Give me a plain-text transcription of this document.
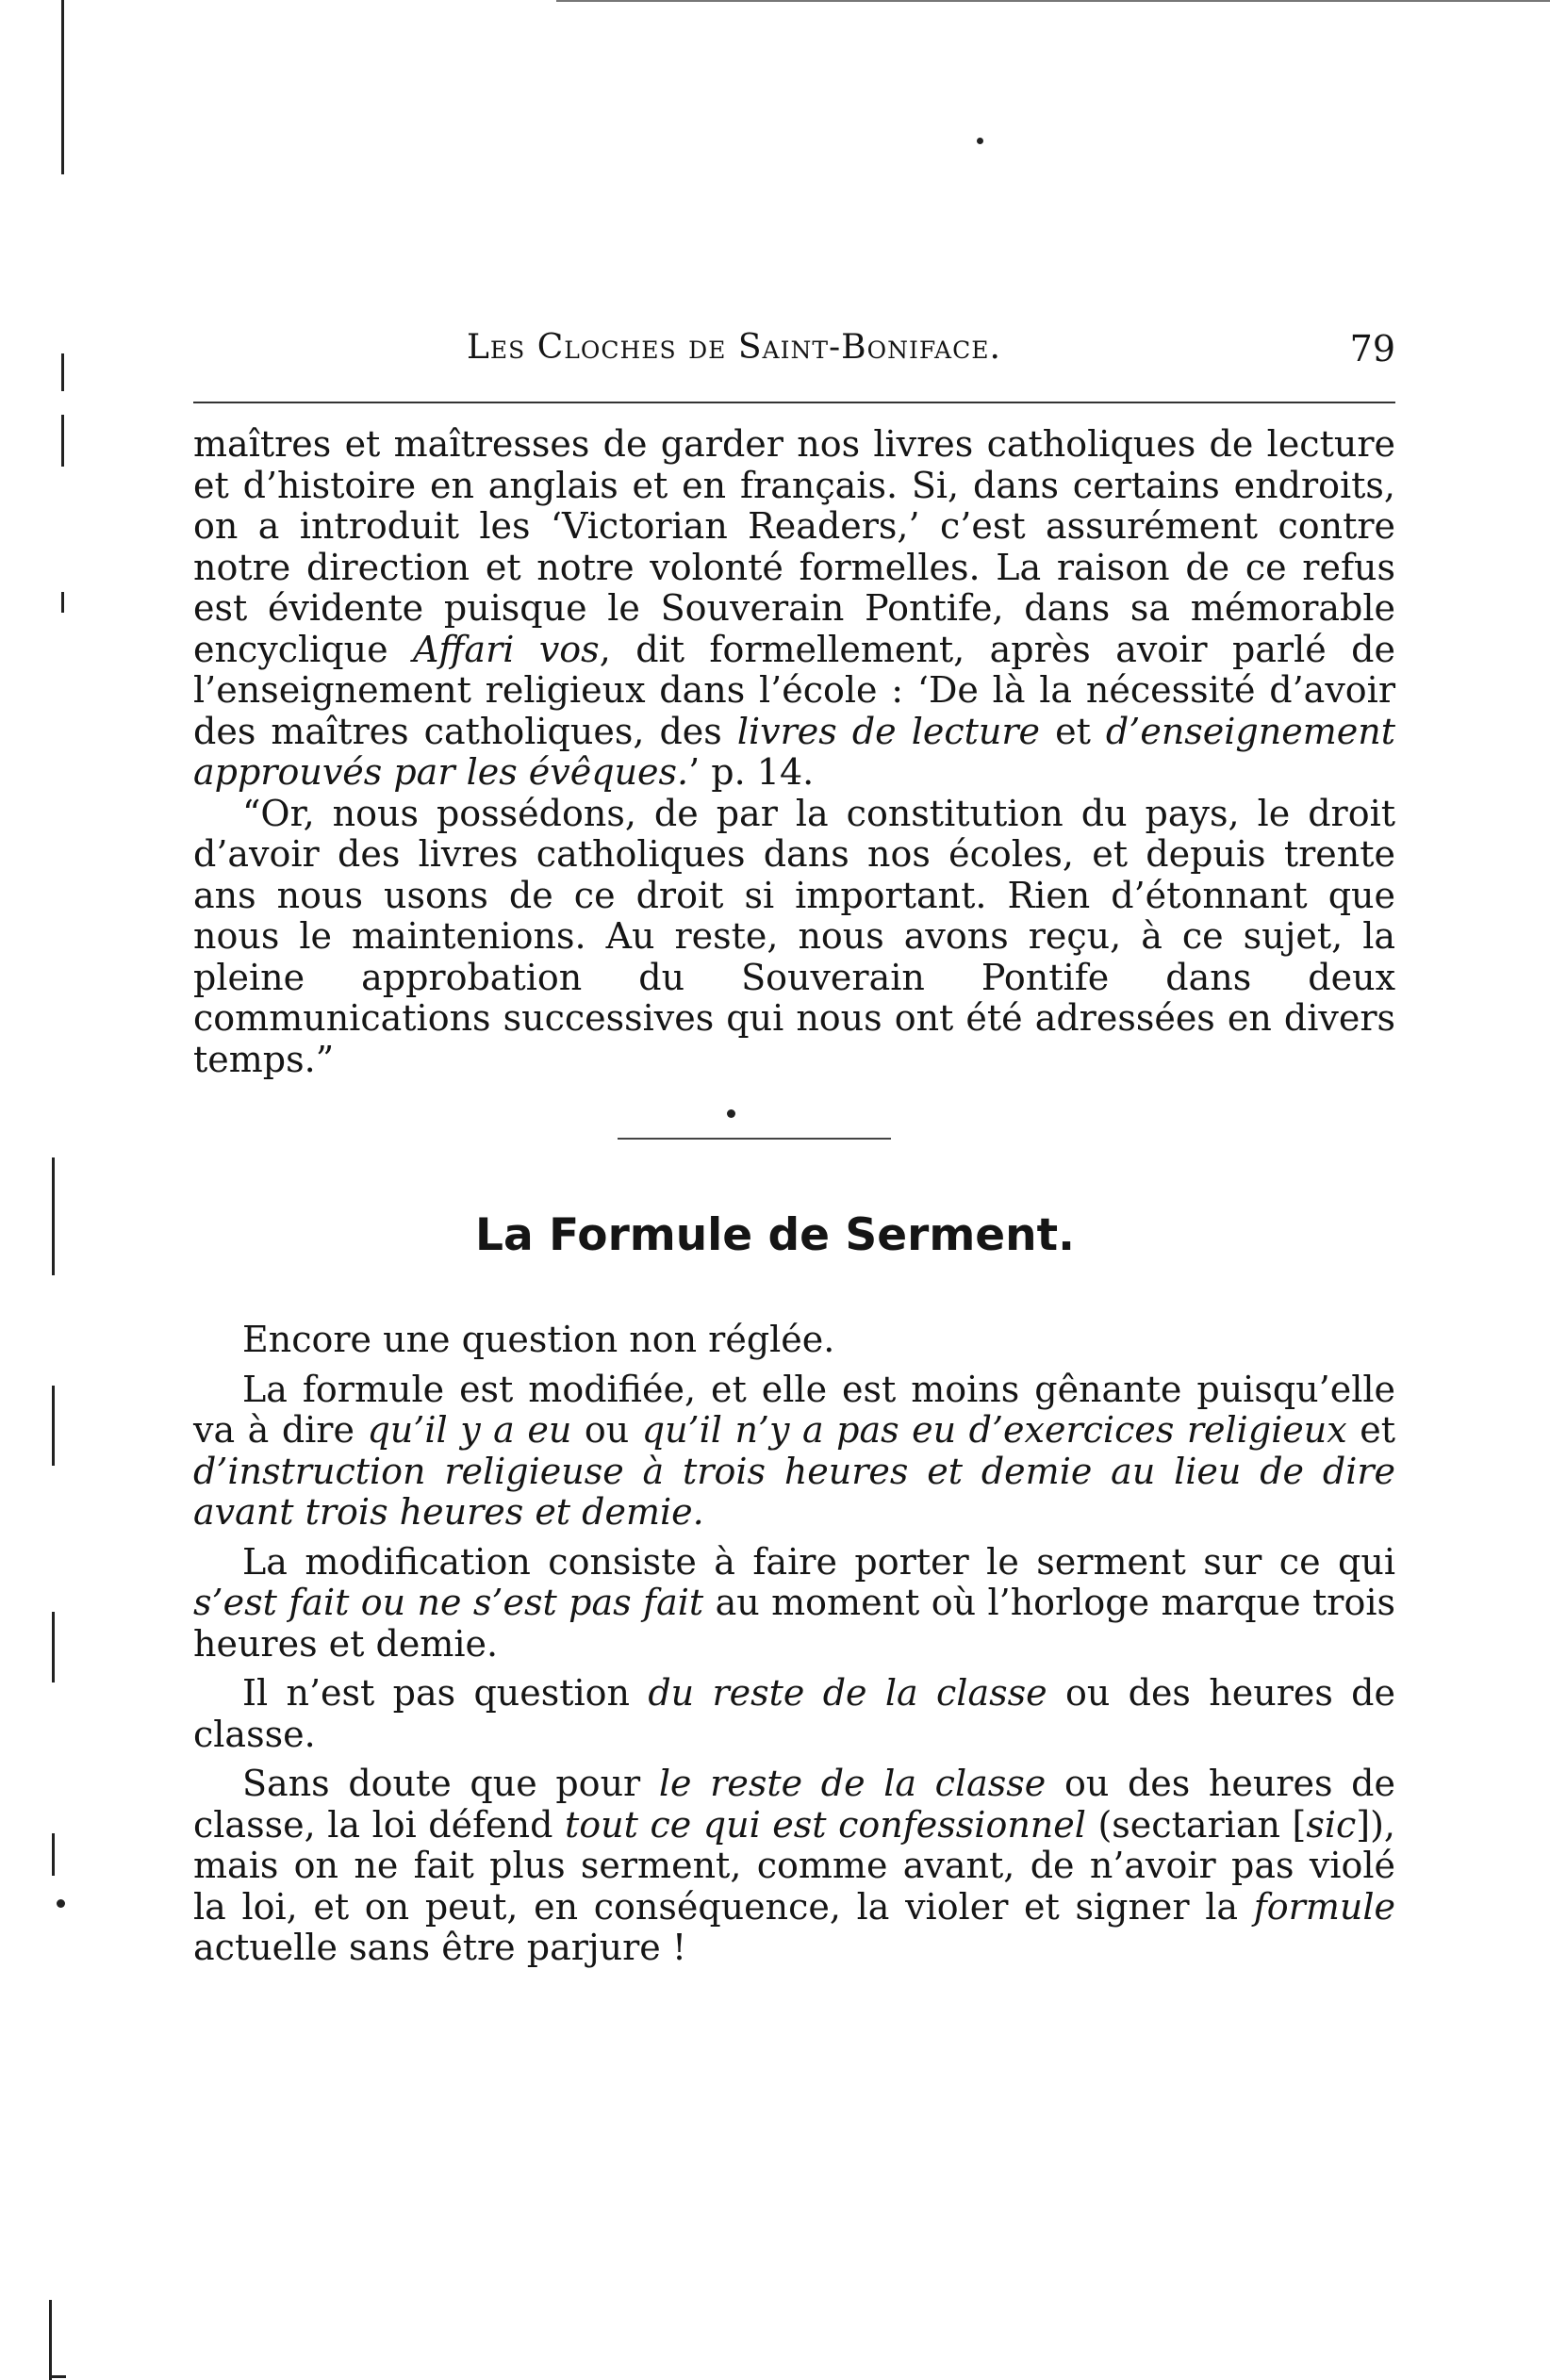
Les Cloches de Saint-Boniface.	79

maîtres et maîtresses de garder nos livres catholiques de lecture et d’histoire en anglais et en français. Si, dans certains endroits, on a introduit les ‘Victorian Readers,’ c’est assurément contre notre direction et notre volonté formelles. La raison de ce refus est évidente puisque le Souverain Pontife, dans sa mémorable encyclique Affari vos, dit formellement, après avoir parlé de l’enseignement religieux dans l’école : ‘De là la nécessité d’avoir des maîtres catholiques, des livres de lecture et d’enseignement approuvés par les évêques.’ p. 14.

“Or, nous possédons, de par la constitution du pays, le droit d’avoir des livres catholiques dans nos écoles, et depuis trente ans nous usons de ce droit si important. Rien d’étonnant que nous le maintenions. Au reste, nous avons reçu, à ce sujet, la pleine approbation du Souverain Pontife dans deux communications successives qui nous ont été adressées en divers temps.”

La Formule de Serment.

Encore une question non réglée.

La formule est modifiée, et elle est moins gênante puisqu’elle va à dire qu’il y a eu ou qu’il n’y a pas eu d’exercices religieux et d’instruction religieuse à trois heures et demie au lieu de dire avant trois heures et demie.

La modification consiste à faire porter le serment sur ce qui s’est fait ou ne s’est pas fait au moment où l’horloge marque trois heures et demie.

Il n’est pas question du reste de la classe ou des heures de classe.

Sans doute que pour le reste de la classe ou des heures de classe, la loi défend tout ce qui est confessionnel (sectarian [sic]), mais on ne fait plus serment, comme avant, de n’avoir pas violé la loi, et on peut, en conséquence, la violer et signer la formule actuelle sans être parjure !
